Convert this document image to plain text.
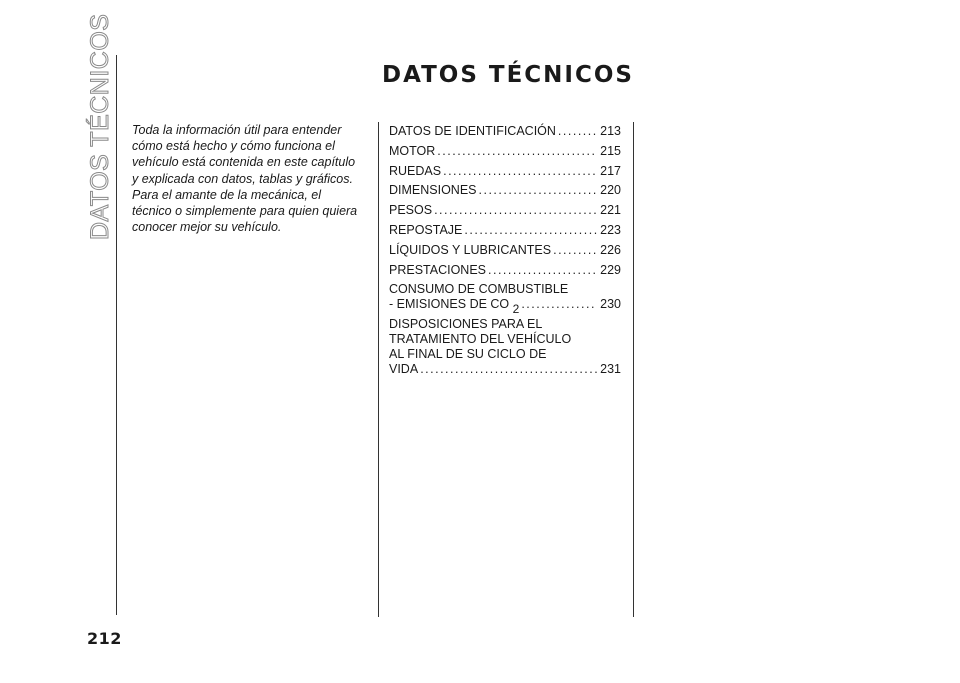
DATOS TÉCNICOS
212
DATOS TÉCNICOS

Toda la información útil para entender cómo está hecho y cómo funciona el vehículo está contenida en este capítulo y explicada con datos, tablas y gráficos. Para el amante de la mecánica, el técnico o simplemente para quien quiera conocer mejor su vehículo.

DATOS DE IDENTIFICACIÓN .....	213
MOTOR .....	215
RUEDAS .....	217
DIMENSIONES .....	220
PESOS .....	221
REPOSTAJE .....	223
LÍQUIDOS Y LUBRICANTES .....	226
PRESTACIONES .....	229
CONSUMO DE COMBUSTIBLE
- EMISIONES DE CO $_2$ .....	230
DISPOSICIONES PARA EL
TRATAMIENTO DEL VEHÍCULO
AL FINAL DE SU CICLO DE
VIDA .....	231
